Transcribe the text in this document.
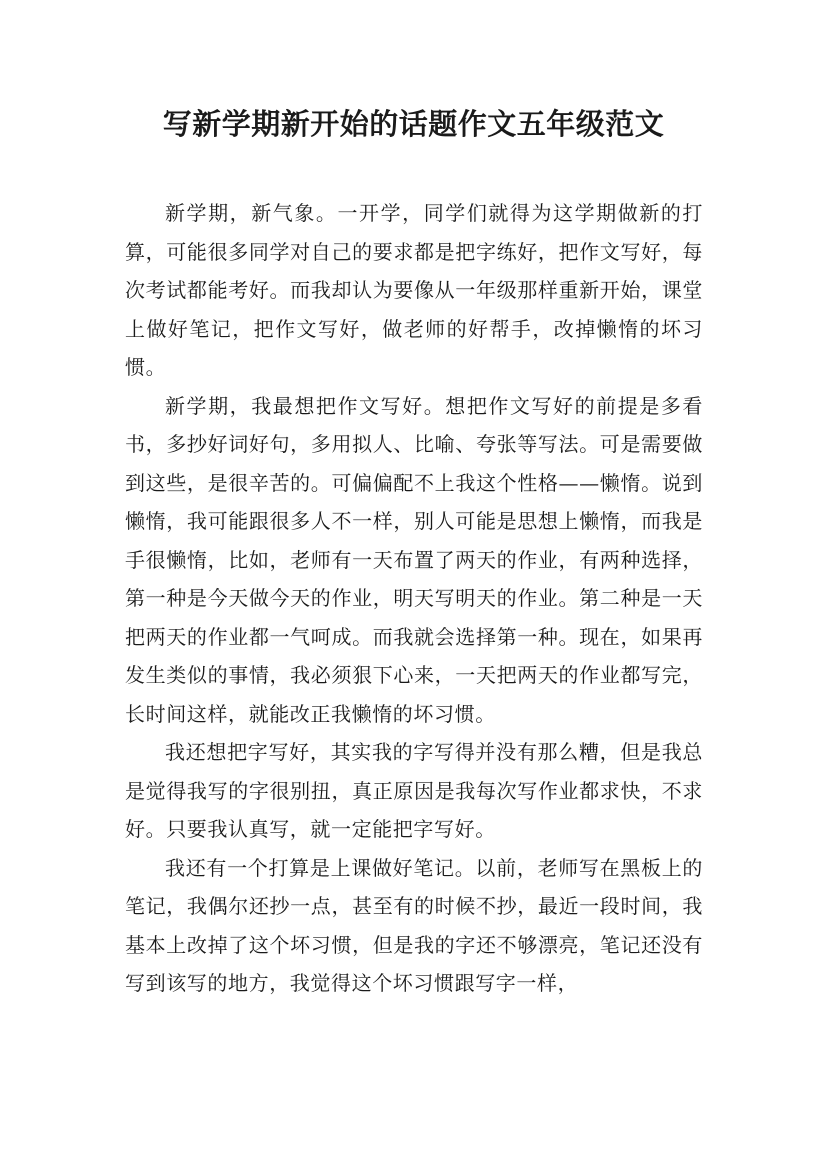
写新学期新开始的话题作文五年级范文

新学期，新气象。一开学，同学们就得为这学期做新的打算，可能很多同学对自己的要求都是把字练好，把作文写好，每次考试都能考好。而我却认为要像从一年级那样重新开始，课堂上做好笔记，把作文写好，做老师的好帮手，改掉懒惰的坏习惯。

新学期，我最想把作文写好。想把作文写好的前提是多看书，多抄好词好句，多用拟人、比喻、夸张等写法。可是需要做到这些，是很辛苦的。可偏偏配不上我这个性格——懒惰。说到懒惰，我可能跟很多人不一样，别人可能是思想上懒惰，而我是手很懒惰，比如，老师有一天布置了两天的作业，有两种选择，第一种是今天做今天的作业，明天写明天的作业。第二种是一天把两天的作业都一气呵成。而我就会选择第一种。现在，如果再发生类似的事情，我必须狠下心来，一天把两天的作业都写完，长时间这样，就能改正我懒惰的坏习惯。

我还想把字写好，其实我的字写得并没有那么糟，但是我总是觉得我写的字很别扭，真正原因是我每次写作业都求快，不求好。只要我认真写，就一定能把字写好。

我还有一个打算是上课做好笔记。以前，老师写在黑板上的笔记，我偶尔还抄一点，甚至有的时候不抄，最近一段时间，我基本上改掉了这个坏习惯，但是我的字还不够漂亮，笔记还没有写到该写的地方，我觉得这个坏习惯跟写字一样，
